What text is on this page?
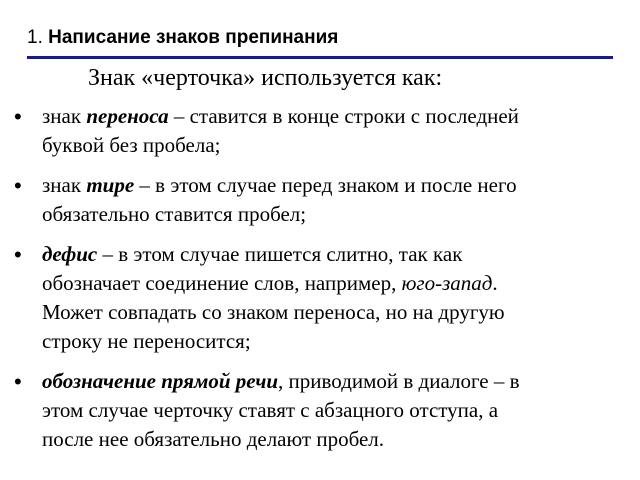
1. Написание знаков препинания
Знак «черточка» используется как:
• знак переноса – ставится в конце строки с последней
буквой без пробела;
• знак тире – в этом случае перед знаком и после него
обязательно ставится пробел;
• дефис – в этом случае пишется слитно, так как
обозначает соединение слов, например, юго-запад.
Может совпадать со знаком переноса, но на другую
строку не переносится;
• обозначение прямой речи, приводимой в диалоге – в
этом случае черточку ставят с абзацного отступа, а
после нее обязательно делают пробел.
